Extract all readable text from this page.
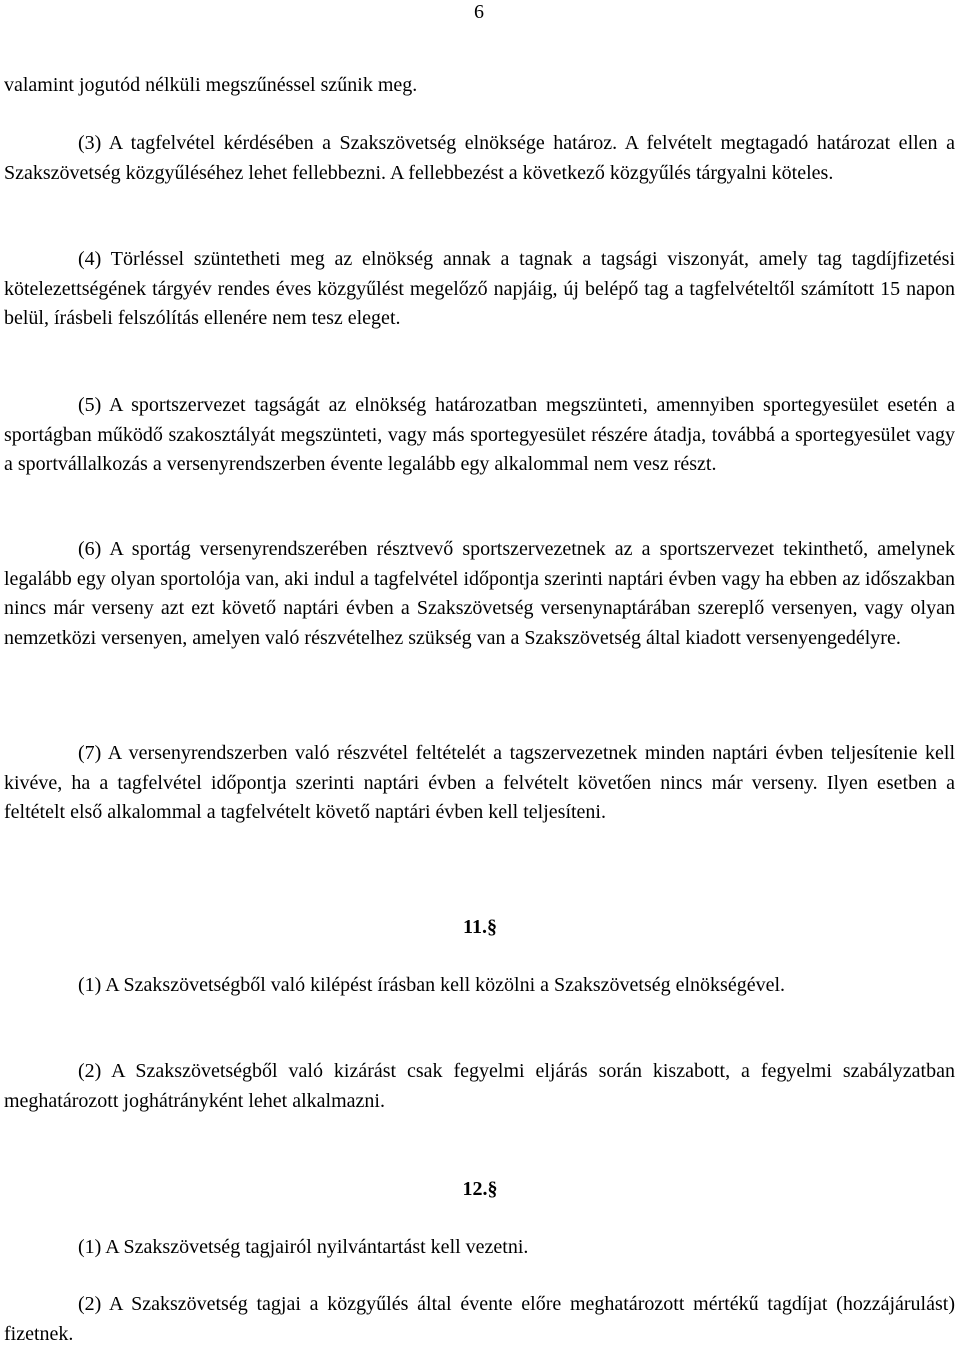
6

valamint jogutód nélküli megszűnéssel szűnik meg.

(3) A tagfelvétel kérdésében a Szakszövetség elnöksége határoz. A felvételt megtagadó határozat ellen a Szakszövetség közgyűléséhez lehet fellebbezni. A fellebbezést a következő közgyűlés tárgyalni köteles.

(4) Törléssel szüntetheti meg az elnökség annak a tagnak a tagsági viszonyát, amely tag tagdíjfizetési kötelezettségének tárgyév rendes éves közgyűlést megelőző napjáig, új belépő tag a tagfelvételtől számított 15 napon belül, írásbeli felszólítás ellenére nem tesz eleget.

(5) A sportszervezet tagságát az elnökség határozatban megszünteti, amennyiben sportegyesület esetén a sportágban működő szakosztályát megszünteti, vagy más sportegyesület részére átadja, továbbá a sportegyesület vagy a sportvállalkozás a versenyrendszerben évente legalább egy alkalommal nem vesz részt.

(6) A sportág versenyrendszerében résztvevő sportszervezetnek az a sportszervezet tekinthető, amelynek legalább egy olyan sportolója van, aki indul a tagfelvétel időpontja szerinti naptári évben vagy ha ebben az időszakban nincs már verseny azt ezt követő naptári évben a Szakszövetség versenynaptárában szereplő versenyen, vagy olyan nemzetközi versenyen, amelyen való részvételhez szükség van a Szakszövetség által kiadott versenyengedélyre.

(7) A versenyrendszerben való részvétel feltételét a tagszervezetnek minden naptári évben teljesítenie kell kivéve, ha a tagfelvétel időpontja szerinti naptári évben a felvételt követően nincs már verseny. Ilyen esetben a feltételt első alkalommal a tagfelvételt követő naptári évben kell teljesíteni.

11.§

(1) A Szakszövetségből való kilépést írásban kell közölni a Szakszövetség elnökségével.

(2) A Szakszövetségből való kizárást csak fegyelmi eljárás során kiszabott, a fegyelmi szabályzatban meghatározott joghátrányként lehet alkalmazni.

12.§

(1) A Szakszövetség tagjairól nyilvántartást kell vezetni.

(2) A Szakszövetség tagjai a közgyűlés által évente előre meghatározott mértékű tagdíjat (hozzájárulást) fizetnek.
